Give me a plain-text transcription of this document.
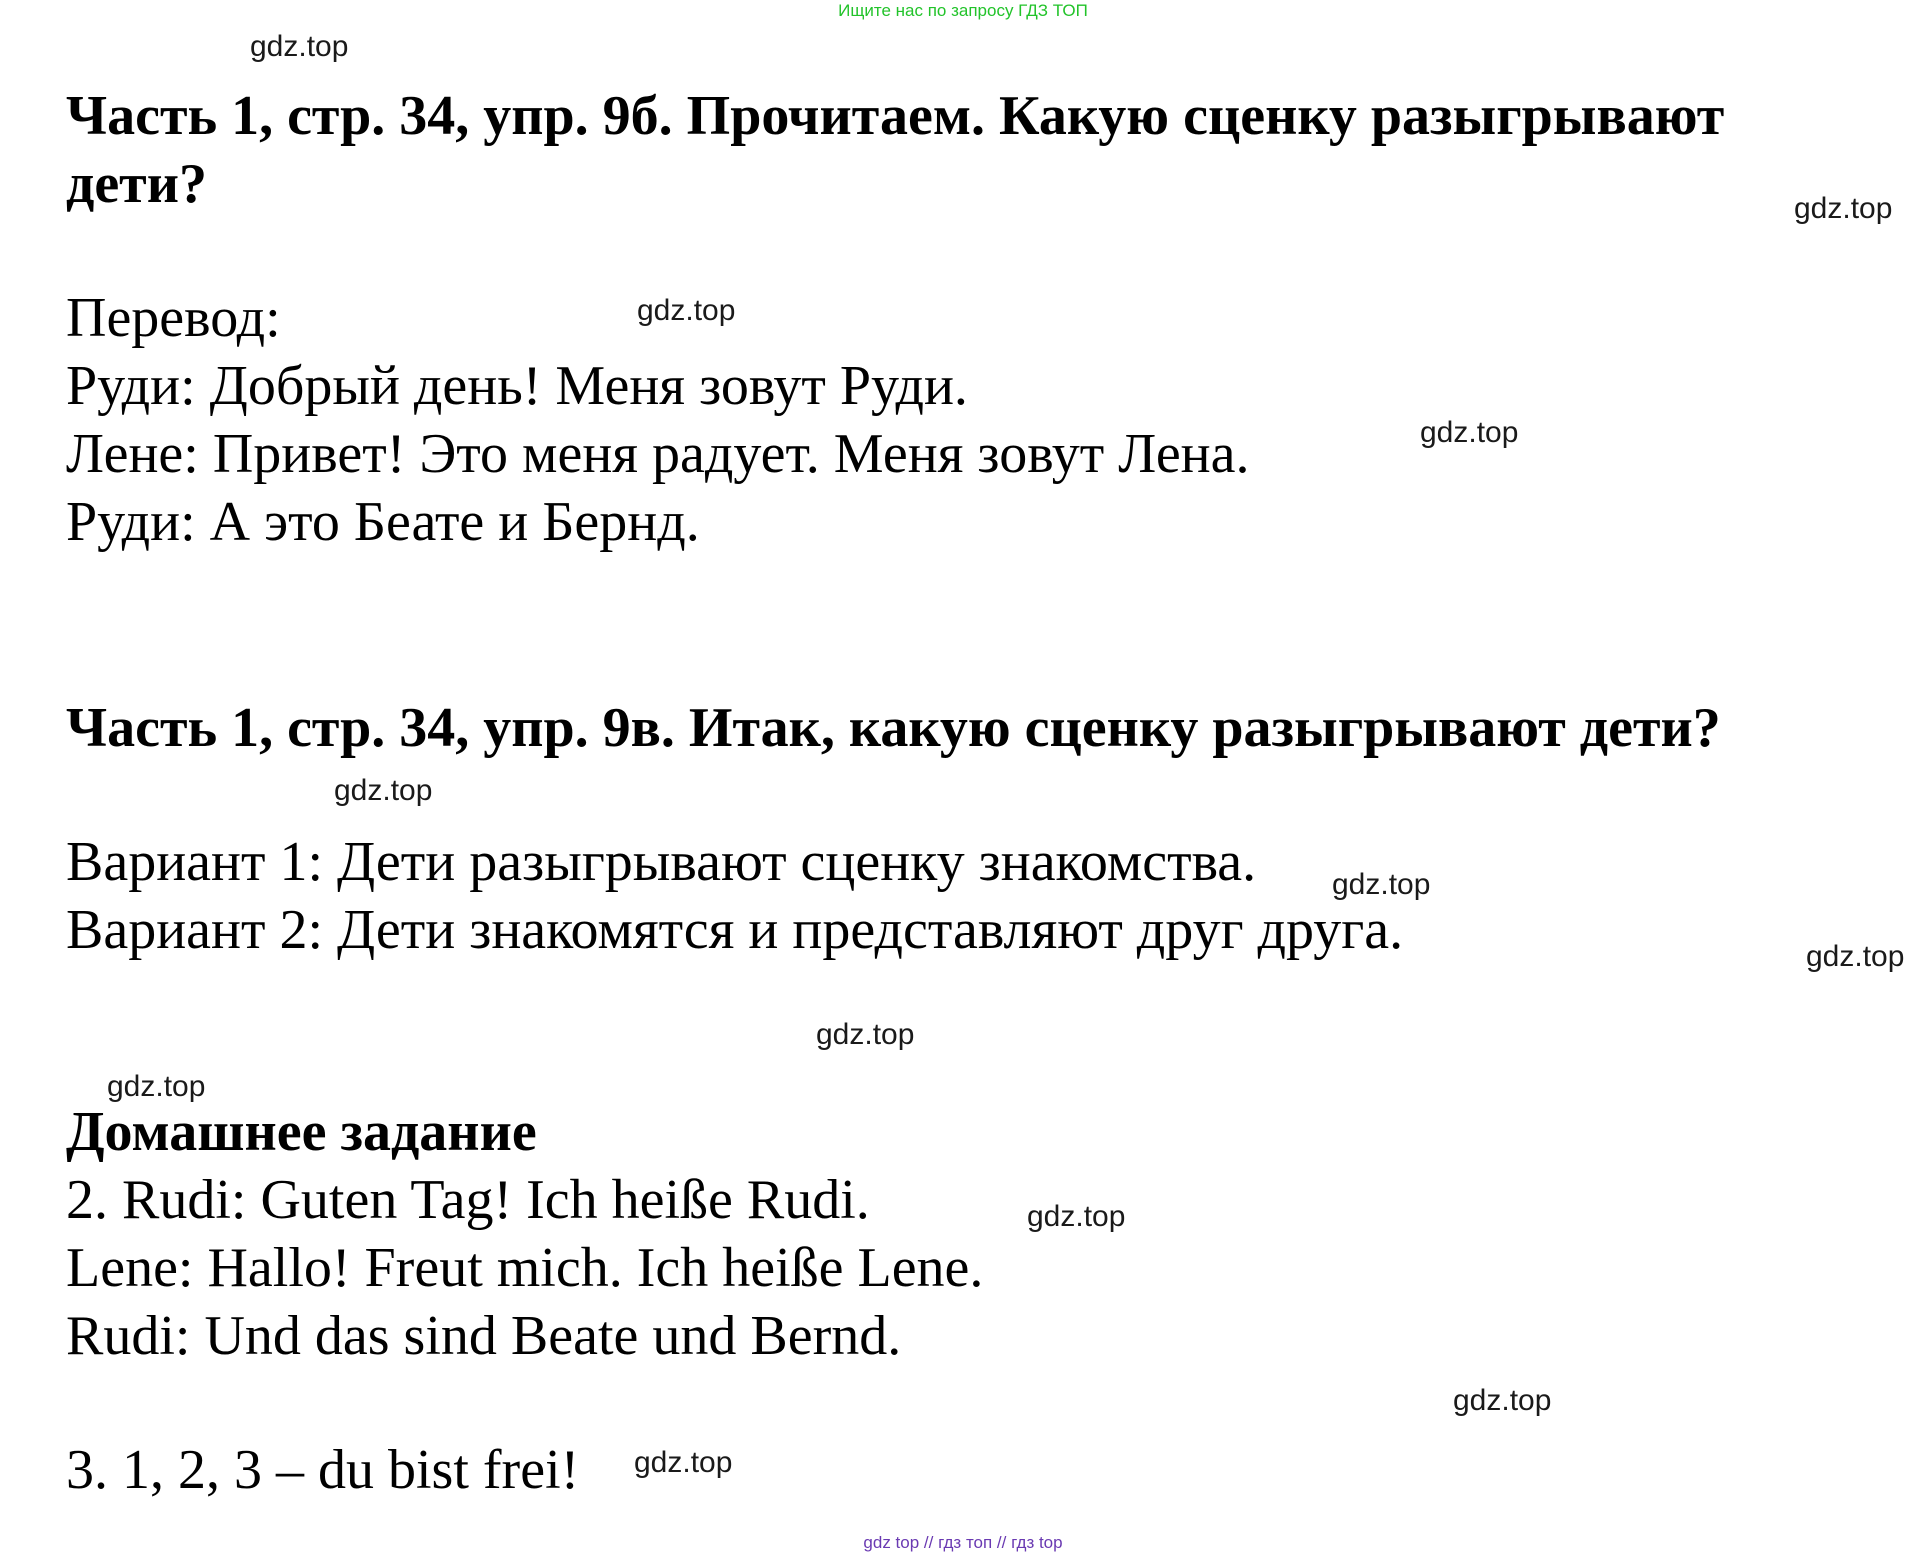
Ищите нас по запросу ГДЗ ТОП

Часть 1, стр. 34, упр. 9б. Прочитаем. Какую сценку разыгрывают

дети?

Перевод:

Руди: Добрый день! Меня зовут Руди.

Лене: Привет! Это меня радует. Меня зовут Лена.

Руди: А это Беате и Бернд.

Часть 1, стр. 34, упр. 9в. Итак, какую сценку разыгрывают дети?

Вариант 1: Дети разыгрывают сценку знакомства.

Вариант 2: Дети знакомятся и представляют друг друга.

Домашнее задание

2. Rudi: Guten Tag! Ich heiße Rudi.

Lene: Hallo! Freut mich. Ich heiße Lene.

Rudi: Und das sind Beate und Bernd.

3. 1, 2, 3 – du bist frei!

gdz.top
gdz.top
gdz.top
gdz.top
gdz.top
gdz.top
gdz.top
gdz.top
gdz.top
gdz.top
gdz.top
gdz.top
gdz top // гдз топ // гдз top
